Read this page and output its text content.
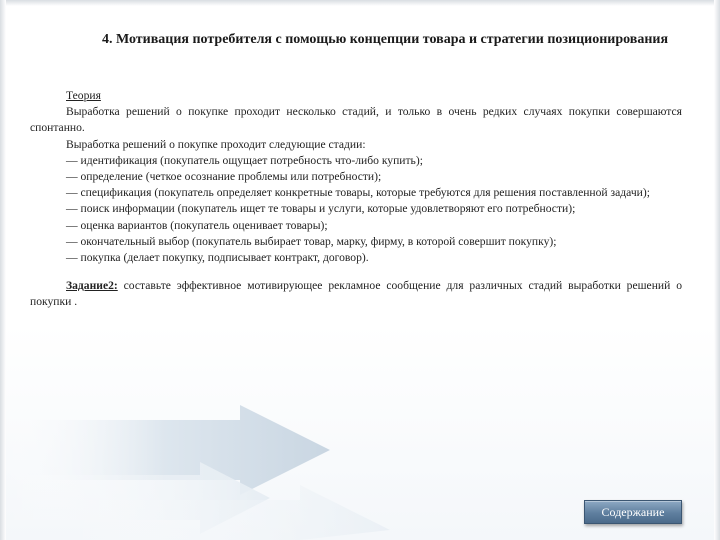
4. Мотивация потребителя с помощью концепции товара и стратегии позиционирования

Теория

Выработка решений о покупке проходит несколько стадий, и только в очень редких случаях покупки совершаются спонтанно.

Выработка решений о покупке проходит следующие стадии:

— идентификация (покупатель ощущает потребность что-либо купить);

— определение (четкое осознание проблемы или потребности);

— спецификация (покупатель определяет конкретные товары, которые требуются для решения поставленной задачи);

— поиск информации (покупатель ищет те товары и услуги, которые удовлетворяют его потребности);

— оценка вариантов (покупатель оценивает товары);

— окончательный выбор (покупатель выбирает товар, марку, фирму, в которой совершит покупку);

— покупка (делает покупку, подписывает контракт, договор).

Задание2: составьте эффективное мотивирующее рекламное сообщение для различных стадий выработки решений о покупки .

Содержание
